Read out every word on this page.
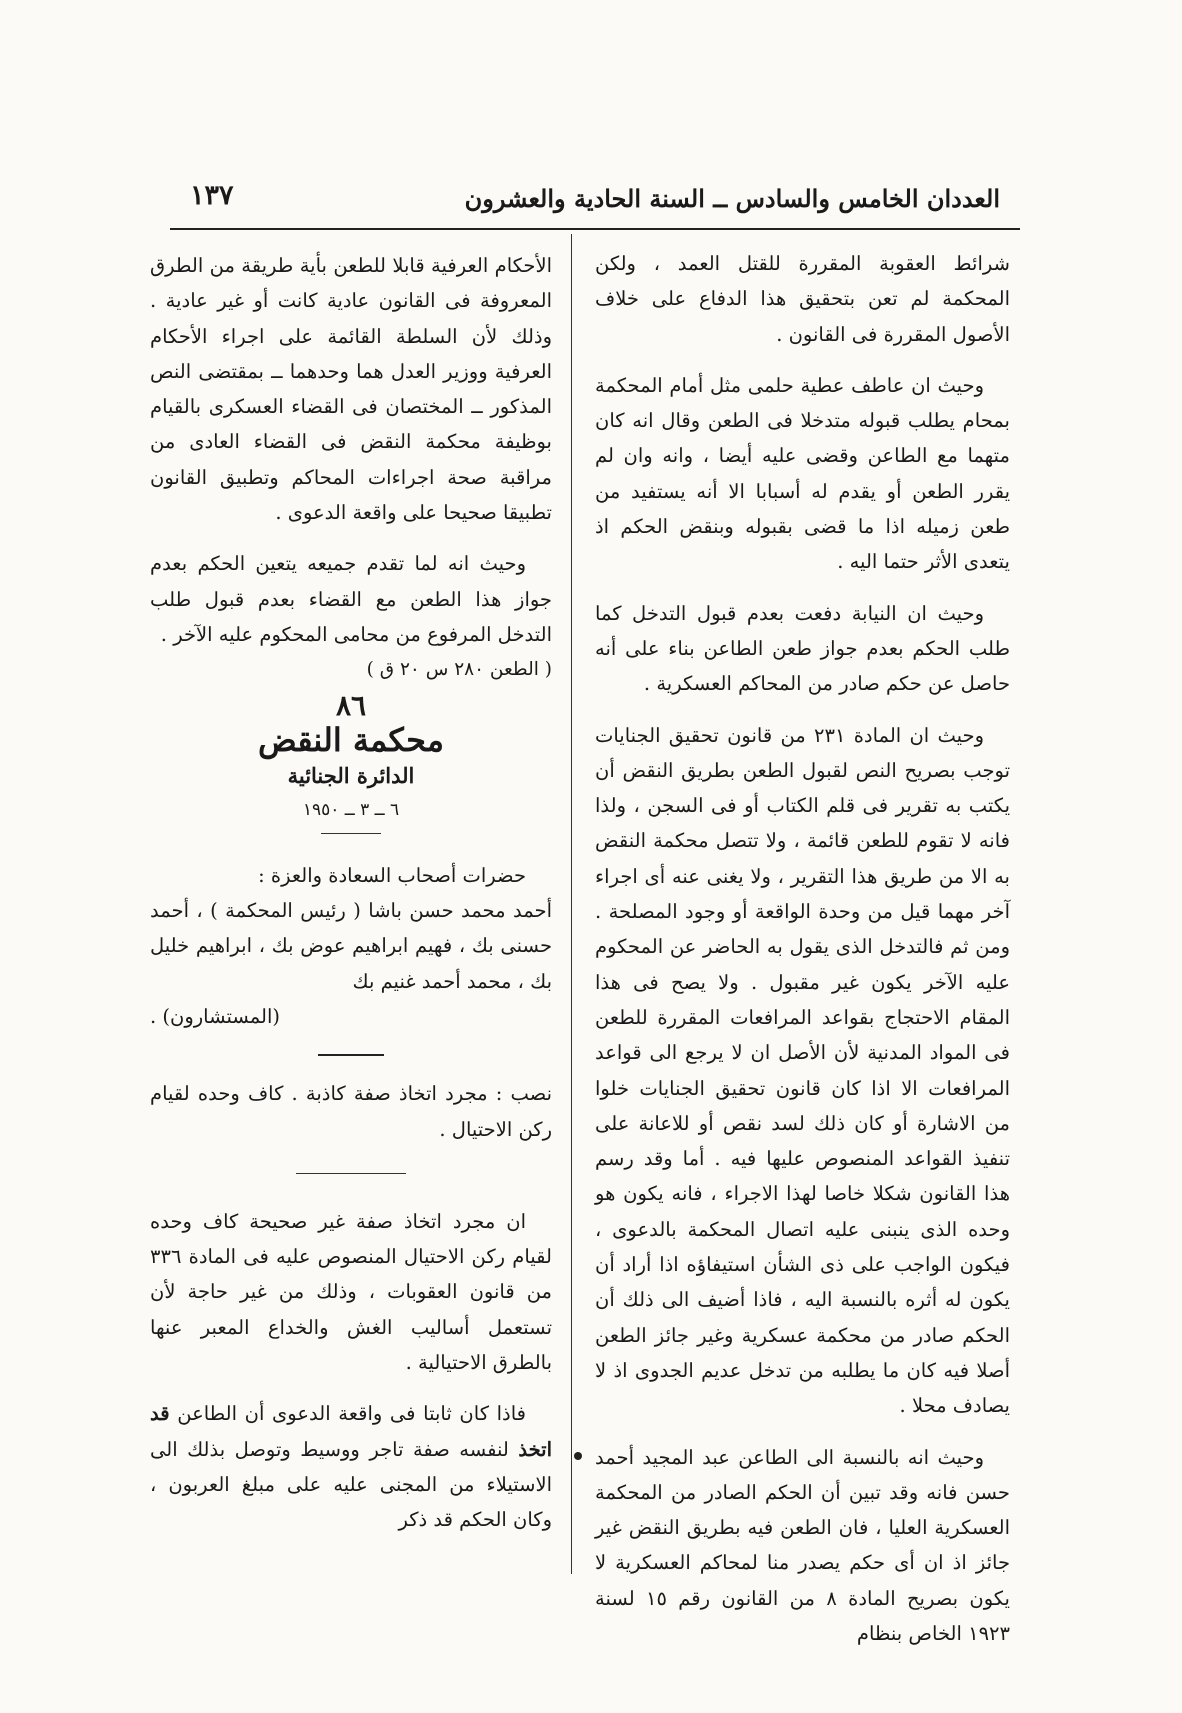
العددان الخامس والسادس ــ السنة الحادية والعشرون
١٣٧

شرائط العقوبة المقررة للقتل العمد ، ولكن المحكمة لم تعن بتحقيق هذا الدفاع على خلاف الأصول المقررة فى القانون .

وحيث ان عاطف عطية حلمى مثل أمام المحكمة بمحام يطلب قبوله متدخلا فى الطعن وقال انه كان متهما مع الطاعن وقضى عليه أيضا ، وانه وان لم يقرر الطعن أو يقدم له أسبابا الا أنه يستفيد من طعن زميله اذا ما قضى بقبوله وبنقض الحكم اذ يتعدى الأثر حتما اليه .

وحيث ان النيابة دفعت بعدم قبول التدخل كما طلب الحكم بعدم جواز طعن الطاعن بناء على أنه حاصل عن حكم صادر من المحاكم العسكرية .

وحيث ان المادة ٢٣١ من قانون تحقيق الجنايات توجب بصريح النص لقبول الطعن بطريق النقض أن يكتب به تقرير فى قلم الكتاب أو فى السجن ، ولذا فانه لا تقوم للطعن قائمة ، ولا تتصل محكمة النقض به الا من طريق هذا التقرير ، ولا يغنى عنه أى اجراء آخر مهما قيل من وحدة الواقعة أو وجود المصلحة . ومن ثم فالتدخل الذى يقول به الحاضر عن المحكوم عليه الآخر يكون غير مقبول . ولا يصح فى هذا المقام الاحتجاج بقواعد المرافعات المقررة للطعن فى المواد المدنية لأن الأصل ان لا يرجع الى قواعد المرافعات الا اذا كان قانون تحقيق الجنايات خلوا من الاشارة أو كان ذلك لسد نقص أو للاعانة على تنفيذ القواعد المنصوص عليها فيه . أما وقد رسم هذا القانون شكلا خاصا لهذا الاجراء ، فانه يكون هو وحده الذى ينبنى عليه اتصال المحكمة بالدعوى ، فيكون الواجب على ذى الشأن استيفاؤه اذا أراد أن يكون له أثره بالنسبة اليه ، فاذا أضيف الى ذلك أن الحكم صادر من محكمة عسكرية وغير جائز الطعن أصلا فيه كان ما يطلبه من تدخل عديم الجدوى اذ لا يصادف محلا .

وحيث انه بالنسبة الى الطاعن عبد المجيد أحمد حسن فانه وقد تبين أن الحكم الصادر من المحكمة العسكرية العليا ، فان الطعن فيه بطريق النقض غير جائز اذ ان أى حكم يصدر منا لمحاكم العسكرية لا يكون بصريح المادة ٨ من القانون رقم ١٥ لسنة ١٩٢٣ الخاص بنظام

الأحكام العرفية قابلا للطعن بأية طريقة من الطرق المعروفة فى القانون عادية كانت أو غير عادية . وذلك لأن السلطة القائمة على اجراء الأحكام العرفية ووزير العدل هما وحدهما ــ بمقتضى النص المذكور ــ المختصان فى القضاء العسكرى بالقيام بوظيفة محكمة النقض فى القضاء العادى من مراقبة صحة اجراءات المحاكم وتطبيق القانون تطبيقا صحيحا على واقعة الدعوى .

وحيث انه لما تقدم جميعه يتعين الحكم بعدم جواز هذا الطعن مع القضاء بعدم قبول طلب التدخل المرفوع من محامى المحكوم عليه الآخر .

( الطعن ٢٨٠ س ٢٠ ق )

٨٦

محكمة النقض

الدائرة الجنائية

٦ ــ ٣ ــ ١٩٥٠

حضرات أصحاب السعادة والعزة :

أحمد محمد حسن باشا ( رئيس المحكمة ) ، أحمد حسنى بك ، فهيم ابراهيم عوض بك ، ابراهيم خليل بك ، محمد أحمد غنيم بك

(المستشارون) .

نصب : مجرد اتخاذ صفة كاذبة . كاف وحده لقيام ركن الاحتيال .

ان مجرد اتخاذ صفة غير صحيحة كاف وحده لقيام ركن الاحتيال المنصوص عليه فى المادة ٣٣٦ من قانون العقوبات ، وذلك من غير حاجة لأن تستعمل أساليب الغش والخداع المعبر عنها بالطرق الاحتيالية .

فاذا كان ثابتا فى واقعة الدعوى أن الطاعن قد اتخذ لنفسه صفة تاجر ووسيط وتوصل بذلك الى الاستيلاء من المجنى عليه على مبلغ العربون ، وكان الحكم قد ذكر
